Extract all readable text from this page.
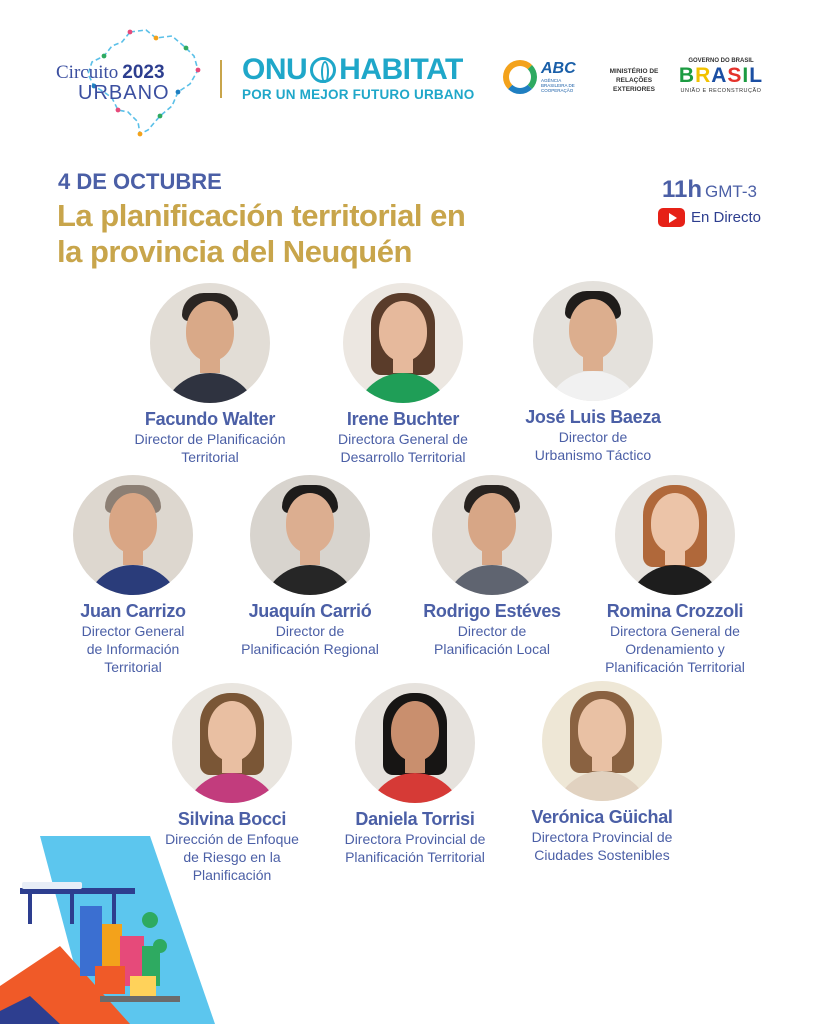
Circuito 2023
URBANO
ONU HABITAT
POR UN MEJOR FUTURO URBANO
ABC
AGÊNCIA BRASILEIRA DE COOPERAÇÃO
MINISTÉRIO DE
RELAÇÕES
EXTERIORES
GOVERNO DO BRASIL
BRASIL
UNIÃO E RECONSTRUÇÃO
4 DE OCTUBRE
La planificación territorial en
la provincia del Neuquén
11h GMT-3
En Directo
Facundo Walter
Director de Planificación
Territorial
Irene Buchter
Directora General de
Desarrollo Territorial
José Luis Baeza
Director de
Urbanismo Táctico
Juan Carrizo
Director General
de Información
Territorial
Juaquín Carrió
Director de
Planificación Regional
Rodrigo Estéves
Director de
Planificación Local
Romina Crozzoli
Directora General de
Ordenamiento y
Planificación Territorial
Silvina Bocci
Dirección de Enfoque
de Riesgo en la
Planificación
Daniela Torrisi
Directora Provincial de
Planificación Territorial
Verónica Güichal
Directora Provincial de
Ciudades Sostenibles
